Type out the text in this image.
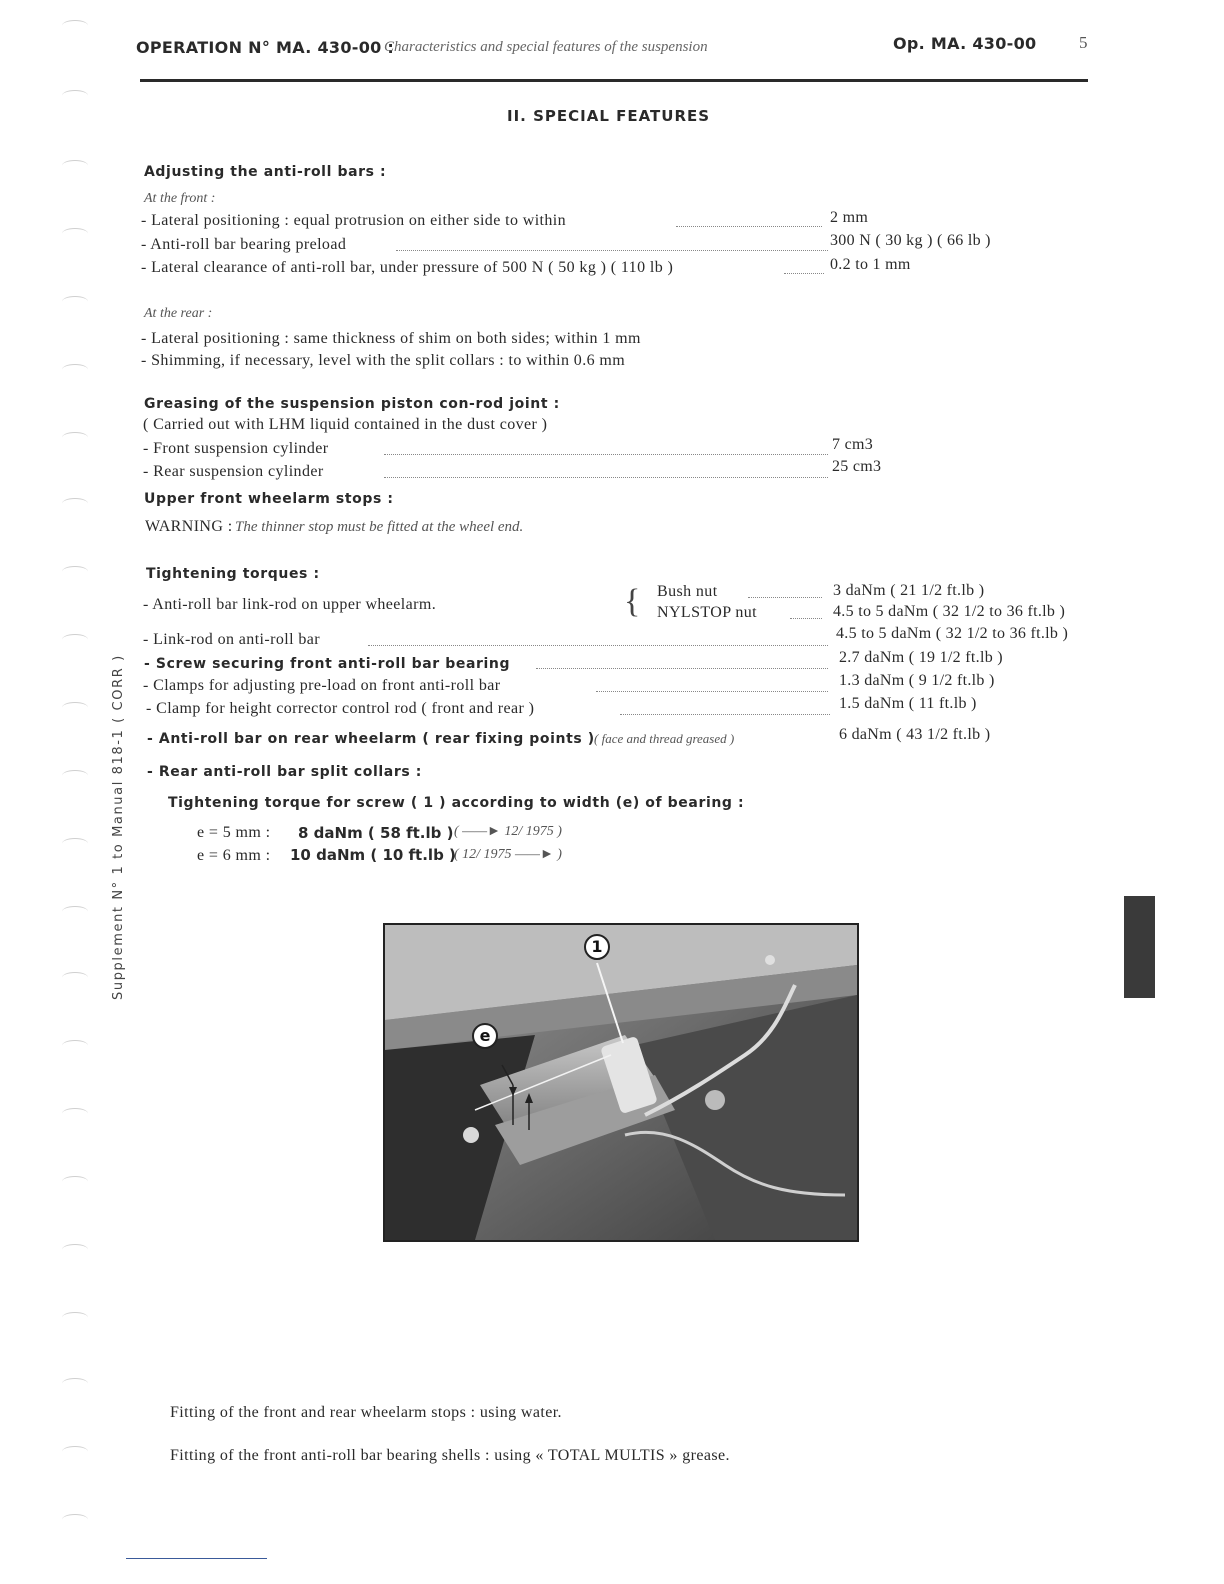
OPERATION N° MA. 430-00 :
Characteristics and special features of the suspension	Op. MA. 430-00	5
II. SPECIAL FEATURES
Adjusting the anti-roll bars :
At the front :
- Lateral positioning : equal protrusion on either side to within	2 mm
- Anti-roll bar bearing preload	300 N ( 30 kg ) ( 66 lb )
- Lateral clearance of anti-roll bar, under pressure of 500 N ( 50 kg ) ( 110 lb )	0.2 to 1 mm
At the rear :
- Lateral positioning : same thickness of shim on both sides; within 1 mm
- Shimming, if necessary, level with the split collars : to within 0.6 mm
Greasing of the suspension piston con-rod joint :
( Carried out with LHM liquid contained in the dust cover )
- Front suspension cylinder	7 cm3
- Rear suspension cylinder	25 cm3
Upper front wheelarm stops :
WARNING : The thinner stop must be fitted at the wheel end.
Tightening torques :
- Anti-roll bar link-rod on upper wheelarm.	{ Bush nut	3 daNm ( 21 1/2 ft.lb )
NYLSTOP nut	4.5 to 5 daNm ( 32 1/2 to 36 ft.lb )
- Link-rod on anti-roll bar	4.5 to 5 daNm ( 32 1/2 to 36 ft.lb )
- Screw securing front anti-roll bar bearing	2.7 daNm ( 19 1/2 ft.lb )
- Clamps for adjusting pre-load on front anti-roll bar	1.3 daNm ( 9 1/2 ft.lb )
- Clamp for height corrector control rod ( front and rear )	1.5 daNm ( 11 ft.lb )
- Anti-roll bar on rear wheelarm ( rear fixing points ) ( face and thread greased )	6 daNm ( 43 1/2 ft.lb )
- Rear anti-roll bar split collars :
Tightening torque for screw ( 1 ) according to width (e) of bearing :
e = 5 mm : 8 daNm ( 58 ft.lb ) ( ——► 12/ 1975 )
e = 6 mm : 10 daNm ( 10 ft.lb )
( 12/ 1975 ——► )
1
e
Supplement N° 1 to Manual 818-1 ( CORR )
Fitting of the front and rear wheelarm stops : using water.
Fitting of the front anti-roll bar bearing shells : using « TOTAL MULTIS » grease.
